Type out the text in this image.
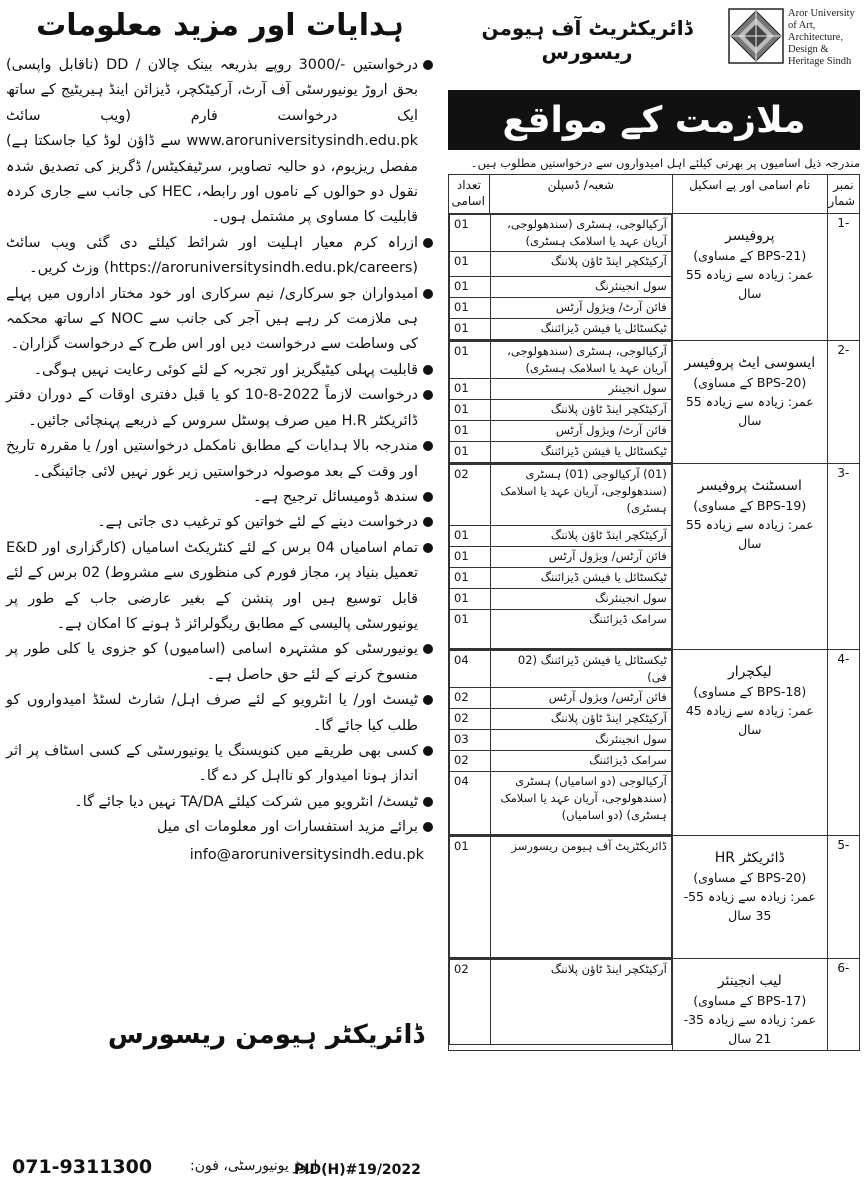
ہدایات اور مزید معلومات
درخواستیں -/3000 روپے بذریعہ بینک چالان / DD (ناقابل واپسی) بحق اروڑ یونیورسٹی آف آرٹ، آرکیٹکچر، ڈیزائن اینڈ ہیریٹیج کے ساتھ ایک درخواست فارم (ویب سائٹ www.aroruniversitysindh.edu.pk سے ڈاؤن لوڈ کیا جاسکتا ہے) مفصل ریزیوم، دو حالیہ تصاویر، سرٹیفکیٹس/ ڈگریز کی تصدیق شدہ نقول دو حوالوں کے ناموں اور رابطہ، HEC کی جانب سے جاری کردہ قابلیت کا مساوی پر مشتمل ہوں۔
ازراہ کرم معیار اہلیت اور شرائط کیلئے دی گئی ویب سائٹ (https://aroruniversitysindh.edu.pk/careers) وزٹ کریں۔
امیدواران جو سرکاری/ نیم سرکاری اور خود مختار اداروں میں پہلے ہی ملازمت کر رہے ہیں آجر کی جانب سے NOC کے ساتھ محکمہ کی وساطت سے درخواست دیں اور اس طرح کے درخواست گزاران۔
قابلیت پہلی کیٹیگریز اور تجربہ کے لئے کوئی رعایت نہیں ہوگی۔
درخواست لازماً 2022-8-10 کو یا قبل دفتری اوقات کے دوران دفتر ڈائریکٹر H.R میں صرف پوسٹل سروس کے ذریعے پہنچائی جائیں۔
مندرجہ بالا ہدایات کے مطابق نامکمل درخواستیں اور/ یا مقررہ تاریخ اور وقت کے بعد موصولہ درخواستیں زیر غور نہیں لائی جائینگی۔
سندھ ڈومیسائل ترجیح ہے۔
درخواست دینے کے لئے خواتین کو ترغیب دی جاتی ہے۔
تمام اسامیاں 04 برس کے لئے کنٹریکٹ اسامیاں (کارگزاری اور E&D تعمیل بنیاد پر، مجاز فورم کی منظوری سے مشروط) 02 برس کے لئے قابل توسیع ہیں اور پنشن کے بغیر عارضی جاب کے طور پر یونیورسٹی پالیسی کے مطابق ریگولرائز ڈ ہونے کا امکان ہے۔
یونیورسٹی کو مشتہرہ اسامی (اسامیوں) کو جزوی یا کلی طور پر منسوخ کرنے کے لئے حق حاصل ہے۔
ٹیسٹ اور/ یا انٹرویو کے لئے صرف اہل/ شارٹ لسٹڈ امیدواروں کو طلب کیا جائے گا۔
کسی بھی طریقے میں کنویسنگ یا یونیورسٹی کے کسی اسٹاف پر اثر انداز ہونا امیدوار کو نااہل کر دے گا۔
ٹیسٹ/ انٹرویو میں شرکت کیلئے TA/DA نہیں دیا جائے گا۔
برائے مزید استفسارات اور معلومات ای میل
info@aroruniversitysindh.edu.pk
ڈائریکٹر ہیومن ریسورس
071-9311300	PID(H)#19/2022
اروڑ یونیورسٹی، فون:
Aror University of Art, Architecture, Design & Heritage Sindh
ڈائریکٹریٹ آف ہیومن ریسورس
ملازمت کے مواقع
مندرجہ ذیل اسامیوں پر بھرتی کیلئے اہل امیدواروں سے درخواستیں مطلوب ہیں۔
نمبر شمار	نام اسامی اور پے اسکیل	شعبہ/ ڈسپلن	تعداد اسامی
-1	
پروفیسر
(BPS-21 کے مساوی)
عمر: زیادہ سے زیادہ 55 سال

آرکیالوجی، ہسٹری (سندھولوجی، آریان عہد یا اسلامک ہسٹری)	01
آرکیٹکچر اینڈ ٹاؤن پلاننگ	01
سول انجینئرنگ	01
فائن آرٹ/ ویژول آرٹس	01
ٹیکسٹائل یا فیشن ڈیزائننگ	01

-2	
ایسوسی ایٹ پروفیسر
(BPS-20 کے مساوی)
عمر: زیادہ سے زیادہ 55 سال

آرکیالوجی، ہسٹری (سندھولوجی، آریان عہد یا اسلامک ہسٹری)	01
سول انجینئر	01
آرکیٹکچر اینڈ ٹاؤن پلاننگ	01
فائن آرٹ/ ویژول آرٹس	01
ٹیکسٹائل یا فیشن ڈیزائننگ	01

-3	
اسسٹنٹ پروفیسر
(BPS-19 کے مساوی)
عمر: زیادہ سے زیادہ 55 سال

(01) آرکیالوجی (01) ہسٹری (سندھولوجی، آریان عہد یا اسلامک ہسٹری)	02
آرکیٹکچر اینڈ ٹاؤن پلاننگ	01
فائن آرٹس/ ویژول آرٹس	01
ٹیکسٹائل یا فیشن ڈیزائننگ	01
سول انجینئرنگ	01
سرامک ڈیزائننگ	01

-4	
لیکچرار
(BPS-18 کے مساوی)
عمر: زیادہ سے زیادہ 45 سال

ٹیکسٹائل یا فیشن ڈیزائننگ (02 فی)	04
فائن آرٹس/ ویژول آرٹس	02
آرکیٹکچر اینڈ ٹاؤن پلاننگ	02
سول انجینئرنگ	03
سرامک ڈیزائننگ	02
آرکیالوجی (دو اسامیاں) ہسٹری (سندھولوجی، آریان عہد یا اسلامک ہسٹری) (دو اسامیاں)	04

-5	
ڈائریکٹر HR
(BPS-20 کے مساوی)
عمر: زیادہ سے زیادہ 55-35 سال

ڈائریکٹریٹ آف ہیومن ریسورسز	01

-6	
لیب انجینئر
(BPS-17 کے مساوی)
عمر: زیادہ سے زیادہ 35-21 سال

آرکیٹکچر اینڈ ٹاؤن پلاننگ	02
